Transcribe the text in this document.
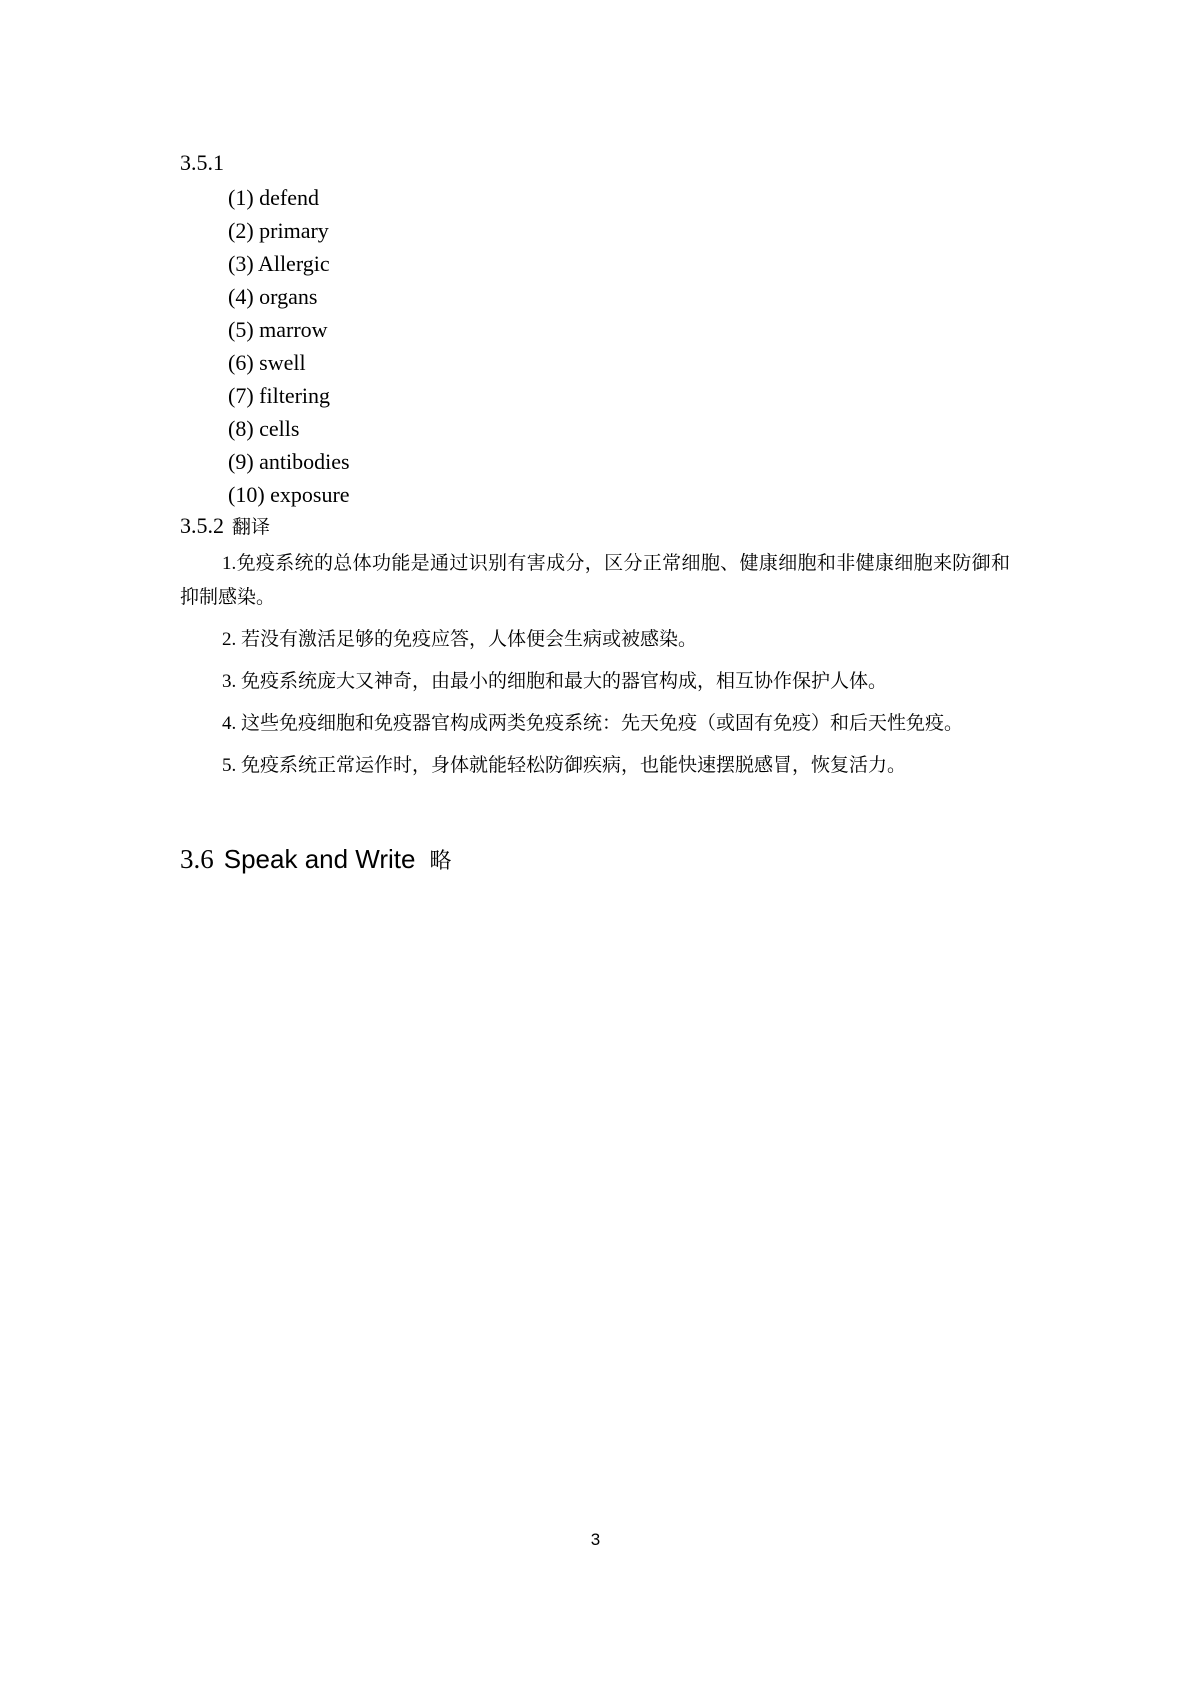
3.5.1
(1) defend
(2) primary
(3) Allergic
(4) organs
(5) marrow
(6) swell
(7) filtering
(8) cells
(9) antibodies
(10) exposure
3.5.2 翻译

1.免疫系统的总体功能是通过识别有害成分，区分正常细胞、健康细胞和非健康细胞来防御和抑制感染。

2. 若没有激活足够的免疫应答，人体便会生病或被感染。

3. 免疫系统庞大又神奇，由最小的细胞和最大的器官构成，相互协作保护人体。

4. 这些免疫细胞和免疫器官构成两类免疫系统：先天免疫（或固有免疫）和后天性免疫。

5. 免疫系统正常运作时，身体就能轻松防御疾病，也能快速摆脱感冒，恢复活力。

3.6 Speak and Write 略
3
